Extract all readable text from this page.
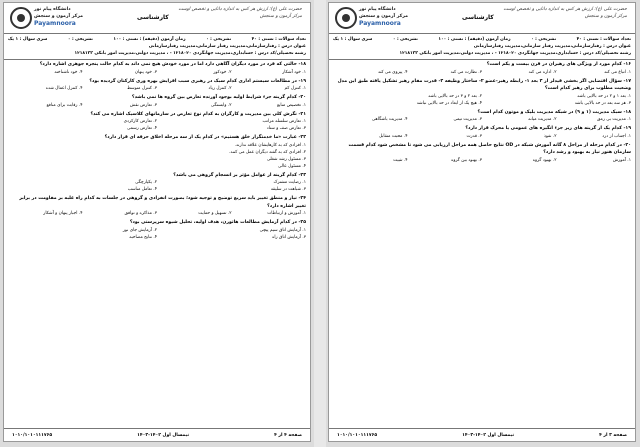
حضرت علی (ع): ارزش هر کس به اندازه دانایی و تخصص اوست
مرکز آزمون و سنجش
کارشناسی
دانشگاه پیام نور
مرکز آزمون و سنجش
Payamnoora
تعداد سوالات : تستی : ۴۰
تشریحی : ۰
زمان آزمون (دقیقه) : تستی : ۱۰۰
تشریحی : ۰
سری سوال : ۱ یک
عنوان درس : رفتارسازمانی،مدیریت رفتار سازمانی،مدیریت رفتارسازمانی
رشته تحصیلی/کد درس : حسابداری،مدیریت جهانگردی ۱۲۱۸۰۲۰ - ، مدیریت دولتی،مدیریت امور بانکی ۱۲۱۸۱۳۳
۱۸- حالتی که فرد در مورد دیگران آگاهی دارد اما در مورد خودش هیچ نمی داند به کدام حالت پنجره جوهری اشاره دارد؟
۱. خود آشکار
۲. خودکور
۳. خود پنهان
۴. خود ناشناخته
۱۹- در مطالعات سیستم اداری کدام سبک در رهبری سبب افزایش بهره وری کارکنان گردیده بود؟
۱. کنترل کم
۲. کنترل زیاد
۳. کنترل متوسط
۴. کنترل اعمال شده
۲۰- کدام گزینه جزء شرایط اولیه بوجود آورنده تعارض بین گروه ها نمی باشد؟
۱. تخصیص منابع
۲. وابستگی
۳. تعارض نقش
۴. رقابت برای منافع
۲۱- نگرش کلی بین مدیریت و کارگران به کدام نوع تعارض در سازمانهای کلاسیک اشاره می کند؟
۱. تعارض سلسله مراتب
۲. تعارض کارکردی
۳. تعارض صف و ستاد
۴. تعارض رسمی
۲۲- عبارت «ما خدمتگزار خلق هستیم» در کدام یک از سه مرحله اخلاق حرفه ای قرار دارد؟
۱. افرادی که به کارهایشان علاقه ندارند.
۲. افرادی که به گفته دیگران عمل می کنند.
۳. مسئول رشد شغلی
۴. مسئول عالی
۲۳- کدام گزینه از عوامل مؤثر بر انسجام گروهی می باشد؟
۱. رضایت مشترک
۲. یکپارچگی
۳. شباهت در سلیقه
۴. تعامل مناسب
۲۴- نیاز و منطق تغییر باید سریع توضیح و توجیه شود؛ بصورت انفرادی و گروهی در جلسات به کدام راه غلبه بر مقاومت در برابر تغییر اشاره دارد؟
۱. آموزش و ارتباطات
۲. تسهیل و حمایت
۳. مذاکره و توافق
۴. اجبار پنهان و آشکار
۲۵- در کدام آزمایش مطالعات هاثورن، هدف اولیه، تحلیل شیوه سرپرستی بود؟
۱. آزمایش اتاق سیم پیچی
۲. آزمایش جای نور
۳. آزمایش اتاق راه
۴. نتایج مصاحبه
صفحه ۴ از ۴
نیمسال اول ۱۴۰۲-۱۴۰۳
۱۰۱۰/۱۰۱۰۱۱۱۷۶۵
حضرت علی (ع): ارزش هر کس به اندازه دانایی و تخصص اوست
مرکز آزمون و سنجش
کارشناسی
دانشگاه پیام نور
مرکز آزمون و سنجش
Payamnoora
تعداد سوالات : تستی : ۴۰
تشریحی : ۰
زمان آزمون (دقیقه) : تستی : ۱۰۰
تشریحی : ۰
سری سوال : ۱ یک
عنوان درس : رفتارسازمانی،مدیریت رفتار سازمانی،مدیریت رفتارسازمانی
رشته تحصیلی/کد درس : حسابداری،مدیریت جهانگردی ۱۲۱۸۰۲۰ - ، مدیریت دولتی،مدیریت امور بانکی ۱۲۱۸۱۳۳
۱۶- کدام مورد از ویژگی های رهبران در قرن بیست و یکم است؟
۱. اتباع می کند
۲. اداره می کند
۳. نظارت می کند
۴. پیروی می کند
۱۷- سؤال اقتضایی اگر بخشی فیدلر از ۳ بعد ۱- رابطه رهبر-عضو ۲- ساختار وظیفه ۳- قدرت مقام رهبر تشکیل یافته طبق این مدل وضعیت مطلوب برای رهبر کدام است؟
۱. بعد ۱ و ۲ در حد بالایی باشد
۲. بعد ۲ و ۳ در حد بالایی باشد
۳. هر سه بعد در حد بالایی باشد
۴. هیچ یک از ابعاد در حد بالایی نباشد
۱۸- سبک مدیریت (۱ و ۹) در شبکه مدیریت بلیک و موتون کدام است؟
۱. مدیریت بی رمق
۲. مدیریت میانه
۳. مدیریت تیمی
۴. مدیریت باشگاهی
۱۹- کدام یک از گزینه های زیر جزء انگیزه های عمومی یا محرک قرار دارد؟
۱. اجتناب از درد
۲. نفوذ
۳. قدرت
۴. محبت متقابل
۲۰- در کدام مرحله از مراحل ۸ گانه آموزش شبکه در OD نتایج حاصل همه مراحل ارزیابی می شود تا مشخص شود کدام قسمت سازمان هنوز نیاز به بهبود و رشد دارد؟
۱. آموزش
۲. بهبود گروه
۳. بهبود بین گروه
۴. تثبیت
صفحه ۳ از ۴
نیمسال اول ۱۴۰۲-۱۴۰۳
۱۰۱۰/۱۰۱۰۱۱۱۷۶۵
